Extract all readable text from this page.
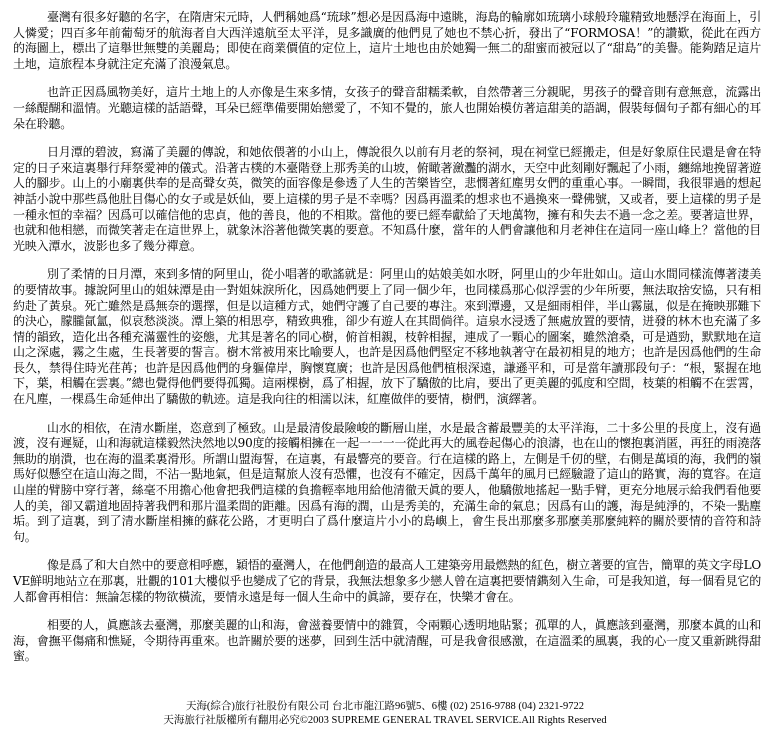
臺灣有很多好聽的名字，在隋唐宋元時，人們稱她爲“琉球”想必是因爲海中遠眺，海島的輪廓如琉璃小球般玲瓏精致地懸浮在海面上，引人憐愛；四百多年前葡萄牙的航海者自大西洋遠航至太平洋，見多識廣的他們見了她也不禁心折，發出了“FORMOSA！”的讚歎，從此在西方的海圖上，標出了這舉世無雙的美麗島；即使在商業價值的定位上，這片土地也由於她獨一無二的甜蜜而被冠以了“甜島”的美譽。能夠踏足這片土地，這旅程本身就注定充滿了浪漫氣息。

也許正因爲風物美好，這片土地上的人亦像是生來多情，女孩子的聲音甜糯柔軟，自然帶著三分親昵，男孩子的聲音則有意無意，流露出一絲醍醐和溫情。光聽這樣的話語聲，耳朵已經準備要開始戀愛了，不知不覺的，旅人也開始模仿著這甜美的語調，假裝每個句子都有細心的耳朵在聆聽。

日月潭的碧波，寫滿了美麗的傳說，和她依偎著的小山上，傳說很久以前有月老的祭祠，現在祠堂已經搬走，但是好象原住民還是會在特定的日子來這裏舉行拜祭愛神的儀式。沿著古樸的木臺階登上那秀美的山坡，俯瞰著瀲灩的湖水，天空中此刻剛好飄起了小雨，纏綿地挽留著遊人的腳步。山上的小廟裏供奉的是高聲女英，微笑的面容像是參透了人生的苦樂皆空，悲憫著紅塵男女們的重重心事。一瞬間，我很罪過的想起神話小說中那些爲他肚目傷心的女子或是妖仙，要上這樣的男子是不幸嗎？因爲再溫柔的想求也不過換來一聲佛號，又或者，要上這樣的男子是一種永恒的幸福？因爲可以確信他的忠貞，他的善良，他的不相欺。當他的要已經奉獻給了天地萬物，擁有和失去不過一念之差。要著這世界，也就和他相戀，而微笑著走在這世界上，就象沐浴著他微笑裏的要意。不知爲什麼，當年的人們會讓他和月老神住在這同一座山峰上？當他的目光映入潭水，波影也多了幾分禪意。

別了柔情的日月潭，來到多情的阿里山，從小唱著的歌謠就是：阿里山的姑娘美如水呀，阿里山的少年壯如山。這山水間同樣流傳著淒美的要情故事。據說阿里山的姐妹潭是由一對姐妹淚所化，因爲她們要上了同一個少年，也同樣爲那心似浮雲的少年所要，無法取捨安協，只有相約赴了黃泉。死亡雖然是爲無奈的選擇，但是以這種方式，她們守護了自己要的專注。來到潭邊，又是細雨相伴，半山霧嵐，似是在掩映那難下的決心，朦朧氤氳，似哀愁淡淡。潭上築的相思亭，精致典雅，卻少有遊人在其間倘徉。這泉水浸透了無處放置的要情，迸發的林木也充滿了多情的韻致，造化出各種充滿靈性的姿態，尤其是著名的同心樹，俯首相親，枝幹相握，連成了一顆心的圖案，雖然滄桑，可是遒勁，默默地在這山之深處，霧之生處，生長著要的誓言。樹木常被用來比喻要人，也許是因爲他們堅定不移地執著守在最初相見的地方；也許是因爲他們的生命長久，禁得住時光荏苒；也許是因爲他們的身軀偉岸，胸懷寬廣；也許是因爲他們植根深遠，謙遜平和，可是當年讀那段句子：“根，緊握在地下，葉，相觸在雲裏。”總也覺得他們要得孤獨。這兩棵樹，爲了相握，放下了驕傲的比肩，要出了更美麗的弧度和空間，枝葉的相觸不在雲霄，在凡塵，一棵爲生命延伸出了驕傲的軌迹。這是我向往的相濡以沫，紅塵做伴的要情，樹們，演繹著。

山水的相依，在清水斷崖，恣意到了極致。山是最清俊最險峻的斷層山崖，水是最含蓄最豐美的太平洋海，二十多公里的長度上，沒有過渡，沒有遲疑，山和海就這樣毅然決然地以90度的接觸相擁在一起一一一一從此再大的風卷起傷心的浪濤，也在山的懷抱裏消匿，再狂的雨澆落無助的崩潰，也在海的溫柔裏滑形。所謂山盟海誓，在這裏，有最響亮的要音。行在這樣的路上，左側是千仞的壁，右側是萬頃的海，我們的嶺馬好似懸空在這山海之間，不沾一點地氣，但是這幫旅人沒有恐懼，也沒有不確定，因爲千萬年的風月已經驗證了這山的路實，海的寬容。在這山崖的臂膀中穿行著，絲毫不用擔心他會把我們這樣的負擔輕率地用給他清徹天眞的要人，他驕傲地搖起一點手臂，更充分地展示給我們看他要人的美，卻又霸道地固持著我們和那片溫柔間的距離。因爲有海的潤，山是秀美的，充滿生命的氣息；因爲有山的護，海是純淨的，不染一點塵垢。到了這裏，到了清水斷崖相擁的蘇花公路，才更明白了爲什麼這片小小的島嶼上，會生長出那麼多那麼美那麼純粹的關於要情的音符和詩句。

像是爲了和大自然中的要意相呼應，穎悟的臺灣人，在他們創造的最高人工建築旁用最燃熱的紅色，樹立著要的宣告，簡單的英文字母LOVE鮮明地站立在那裏，壯觀的101大樓似乎也變成了它的背景，我無法想象多少戀人曾在這裏把要情鐫刻入生命，可是我知道，每一個看見它的人都會再相信：無論怎樣的物欲橫流，要情永遠是每一個人生命中的眞諦，要存在，快樂才會在。

相要的人，眞應該去臺灣，那麼美麗的山和海，會滋養要情中的雜質，令兩顆心透明地貼緊；孤單的人，眞應該到臺灣，那麼本眞的山和海，會撫平傷痛和憔疑，令期待再重來。也許關於要的迷夢，回到生活中就清醒，可是我會很感激，在這溫柔的風裏，我的心一度又重新跳得甜蜜。

天海(綜合)旅行社股份有限公司 台北市龍江路96號5、6樓 (02) 2516-9788 (04) 2321-9722
天海旅行社版權所有翻用必究©2003 SUPREME GENERAL TRAVEL SERVICE.All Rights Reserved
